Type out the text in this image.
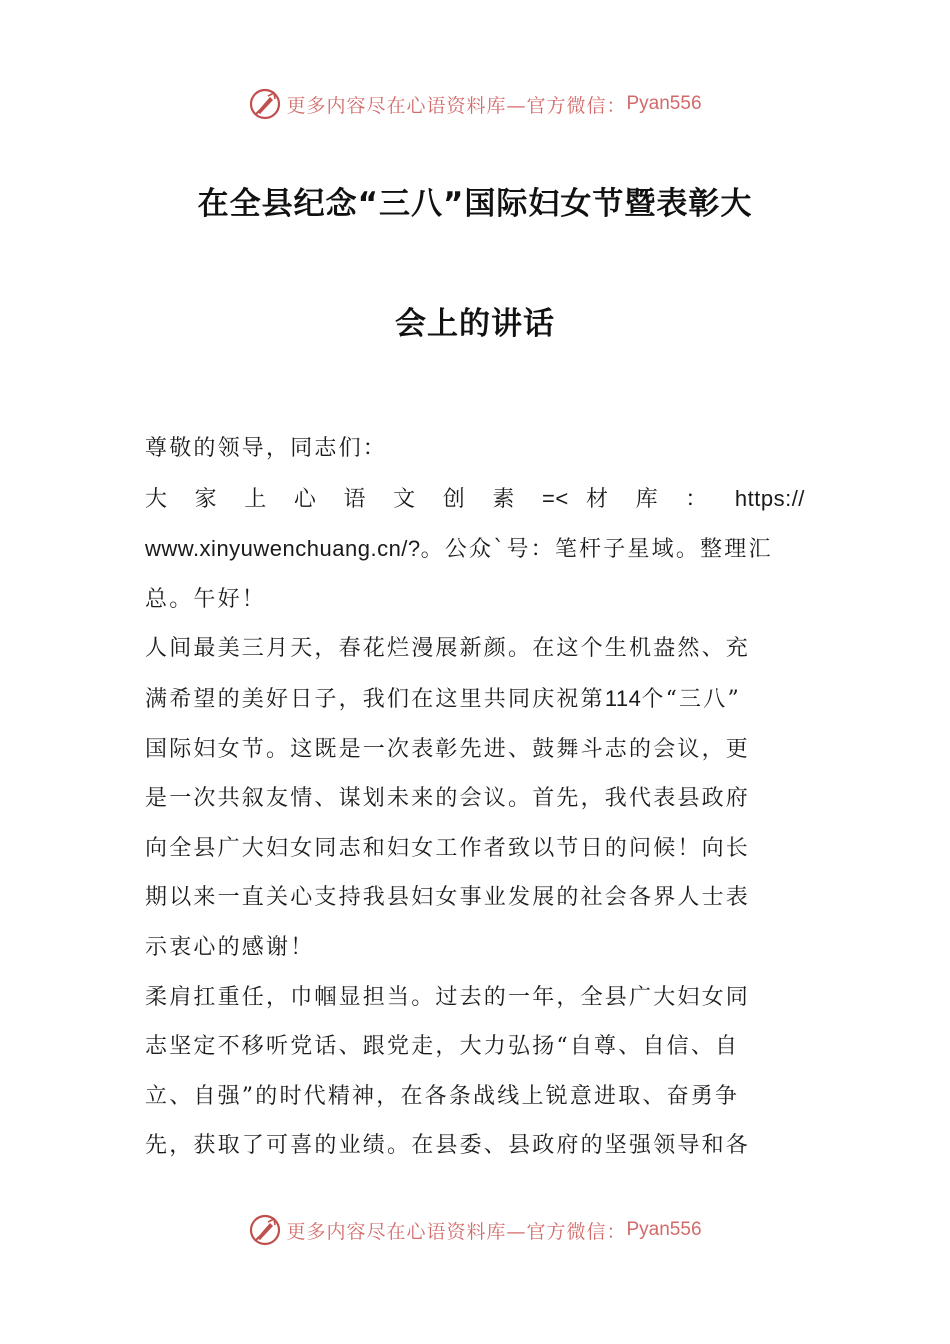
更多内容尽在心语资料库—官方微信： Pyan556
在全县纪念“三八”国际妇女节暨表彰大
会上的讲话

尊敬的领导，同志们：

大 家 上 心 语 文 创 素 =< 材 库 ： https://

www.xinyuwenchuang.cn/?。公众`号：笔杆子星域。整理汇

总。午好！

人间最美三月天，春花烂漫展新颜。在这个生机盎然、充

满希望的美好日子，我们在这里共同庆祝第114个“三八”

国际妇女节。这既是一次表彰先进、鼓舞斗志的会议，更

是一次共叙友情、谋划未来的会议。首先，我代表县政府

向全县广大妇女同志和妇女工作者致以节日的问候！向长

期以来一直关心支持我县妇女事业发展的社会各界人士表

示衷心的感谢！

柔肩扛重任，巾帼显担当。过去的一年，全县广大妇女同

志坚定不移听党话、跟党走，大力弘扬“自尊、自信、自

立、自强”的时代精神，在各条战线上锐意进取、奋勇争

先，获取了可喜的业绩。在县委、县政府的坚强领导和各

更多内容尽在心语资料库—官方微信： Pyan556
